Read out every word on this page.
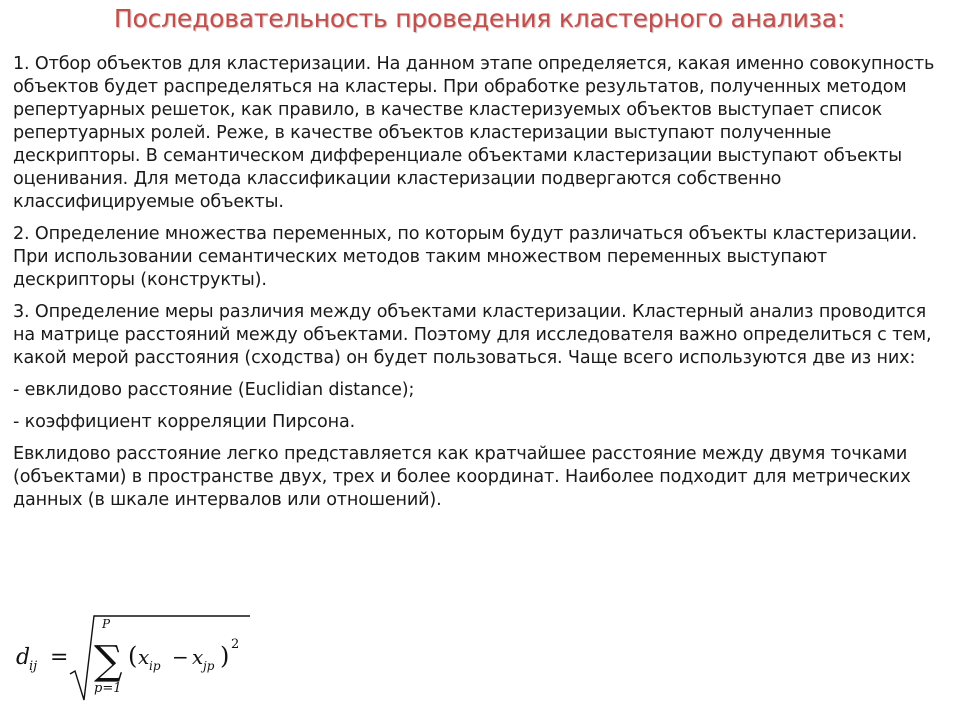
Последовательность проведения кластерного анализа:

1. Отбор объектов для кластеризации. На данном этапе определяется, какая именно совокупность объектов будет распределяться на кластеры. При обработке результатов, полученных методом репертуарных решеток, как правило, в качестве кластеризуемых объектов выступает список репертуарных ролей. Реже, в качестве объектов кластеризации выступают полученные дескрипторы. В семантическом дифференциале объектами кластеризации выступают объекты оценивания. Для метода классификации кластеризации подвергаются собственно классифицируемые объекты.

2. Определение множества переменных, по которым будут различаться объекты кластеризации. При использовании семантических методов таким множеством переменных выступают дескрипторы (конструкты).

3. Определение меры различия между объектами кластеризации. Кластерный анализ проводится на матрице расстояний между объектами. Поэтому для исследователя важно определиться с тем, какой мерой расстояния (сходства) он будет пользоваться. Чаще всего используются две из них:

- евклидово расстояние (Euclidian distance);

- коэффициент корреляции Пирсона.

Евклидово расстояние легко представляется как кратчайшее расстояние между двумя точками (объектами) в пространстве двух, трех и более координат. Наиболее подходит для метрических данных (в шкале интервалов или отношений).

d
ij =
P
∑
p=1
( x ip − x jp ) 2
